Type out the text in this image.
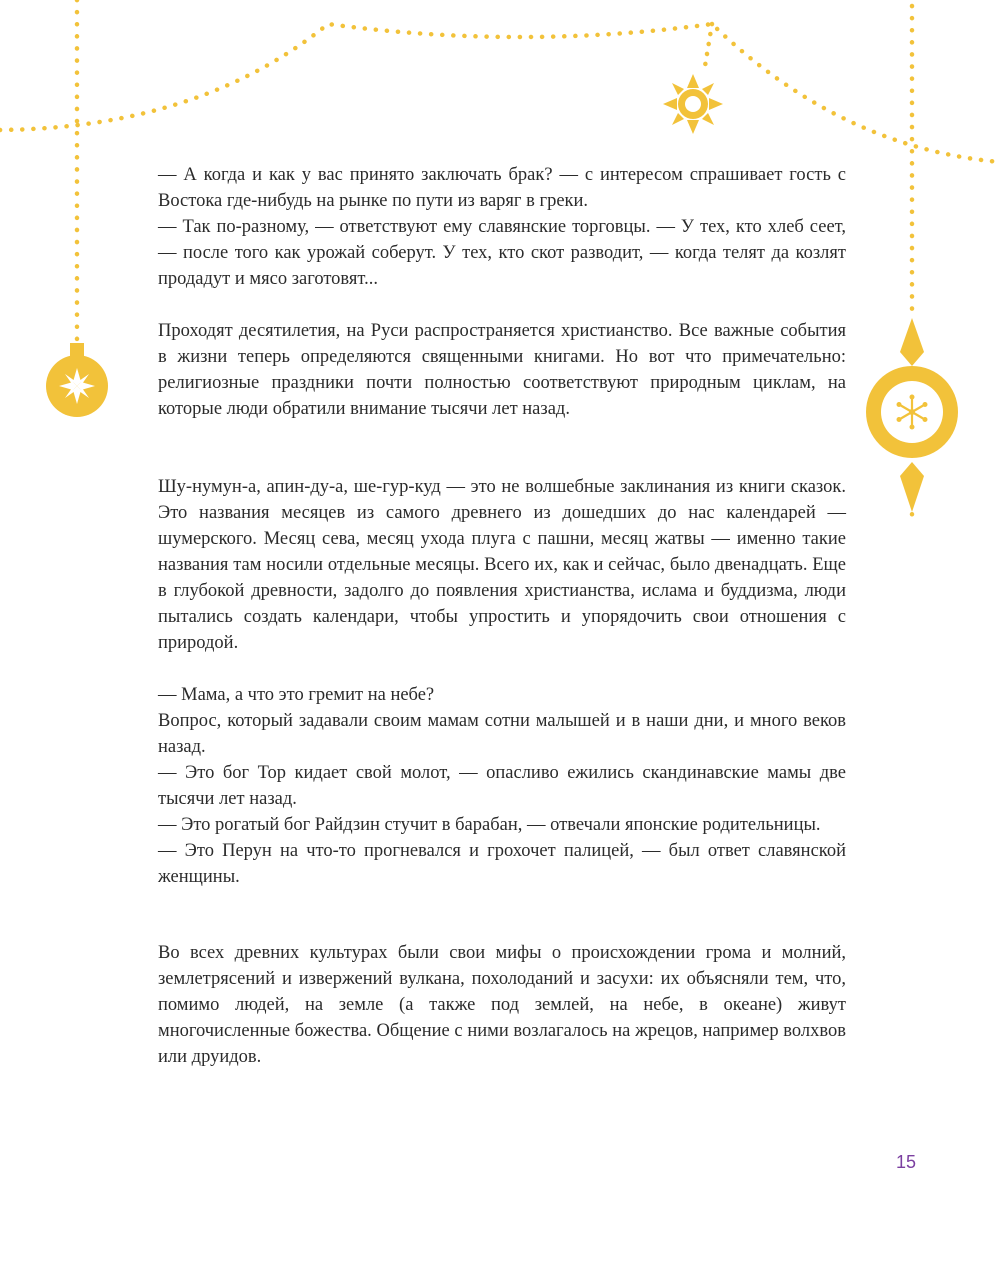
— А когда и как у вас принято заключать брак? — с интересом спрашивает гость с Востока где-нибудь на рынке по пути из варяг в греки.

— Так по-разному, — ответствуют ему славянские торговцы. — У тех, кто хлеб сеет, — после того как урожай соберут. У тех, кто скот разводит, — когда телят да козлят продадут и мясо заготовят...

Проходят десятилетия, на Руси распространяется христианство. Все важные события в жизни теперь определяются священными книгами. Но вот что примечательно: религиозные праздники почти полностью соответствуют природным циклам, на которые люди обратили внимание тысячи лет назад.

Шу-нумун-а, апин-ду-а, ше-гур-куд — это не волшебные заклинания из книги сказок. Это названия месяцев из самого древнего из дошедших до нас календарей — шумерского. Месяц сева, месяц ухода плуга с пашни, месяц жатвы — именно такие названия там носили отдельные месяцы. Всего их, как и сейчас, было двенадцать. Еще в глубокой древности, задолго до появления христианства, ислама и буддизма, люди пытались создать календари, чтобы упростить и упорядочить свои отношения с природой.

— Мама, а что это гремит на небе?

Вопрос, который задавали своим мамам сотни малышей и в наши дни, и много веков назад.

— Это бог Тор кидает свой молот, — опасливо ежились скандинавские мамы две тысячи лет назад.

— Это рогатый бог Райдзин стучит в барабан, — отвечали японские родительницы.

— Это Перун на что-то прогневался и грохочет палицей, — был ответ славянской женщины.

Во всех древних культурах были свои мифы о происхождении грома и молний, землетрясений и извержений вулкана, похолоданий и засухи: их объясняли тем, что, помимо людей, на земле (а также под землей, на небе, в океане) живут многочисленные божества. Общение с ними возлагалось на жрецов, например волхвов или друидов.

15
